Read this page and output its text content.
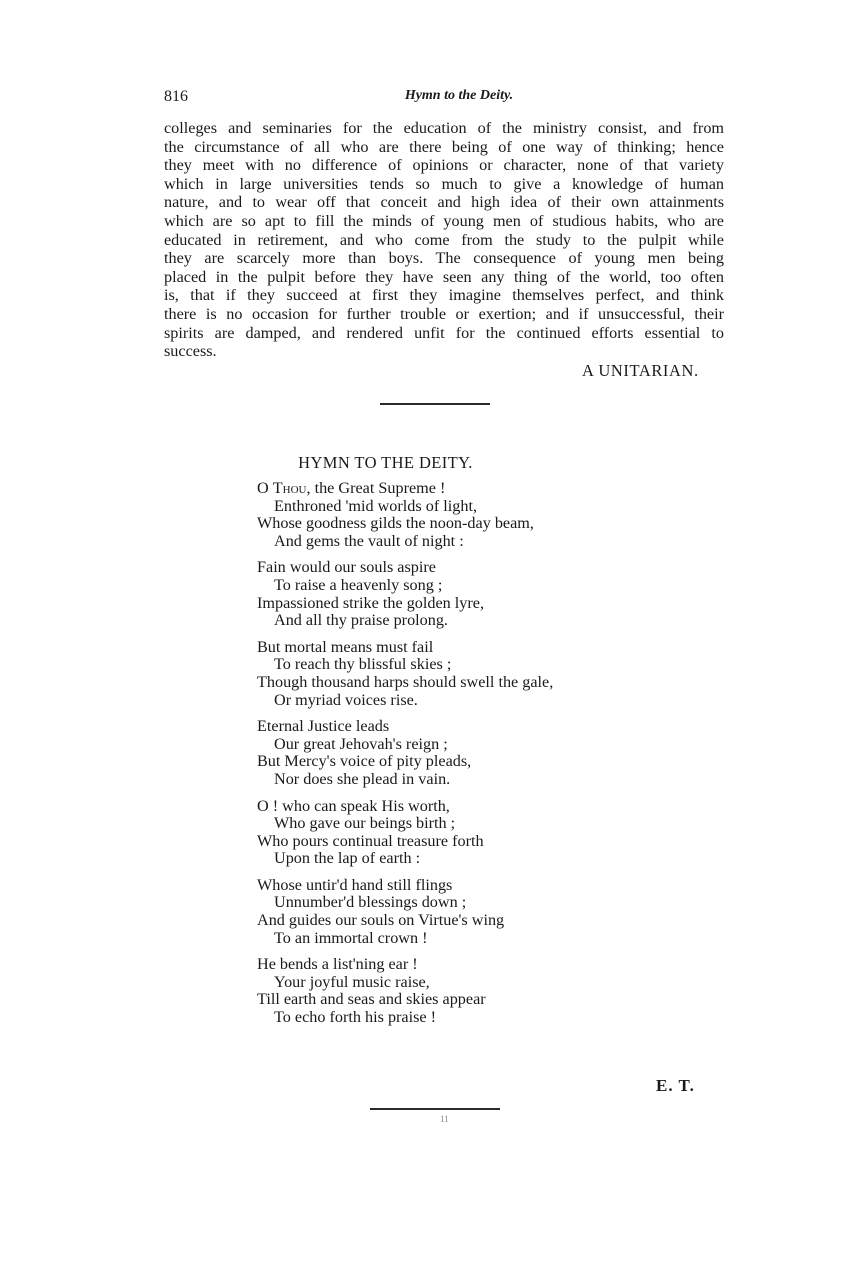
816	Hymn to the Deity.
colleges and seminaries for the education of the ministry consist, and from
the circumstance of all who are there being of one way of thinking; hence
they meet with no difference of opinions or character, none of that variety
which in large universities tends so much to give a knowledge of human
nature, and to wear off that conceit and high idea of their own attainments
which are so apt to fill the minds of young men of studious habits, who are
educated in retirement, and who come from the study to the pulpit while
they are scarcely more than boys. The consequence of young men being
placed in the pulpit before they have seen any thing of the world, too often
is, that if they succeed at first they imagine themselves perfect, and think
there is no occasion for further trouble or exertion; and if unsuccessful, their
spirits are damped, and rendered unfit for the continued efforts essential to
success.
A UNITARIAN.
HYMN TO THE DEITY.
O Thou, the Great Supreme !
Enthroned 'mid worlds of light,
Whose goodness gilds the noon-day beam,
And gems the vault of night :
Fain would our souls aspire
To raise a heavenly song ;
Impassioned strike the golden lyre,
And all thy praise prolong.
But mortal means must fail
To reach thy blissful skies ;
Though thousand harps should swell the gale,
Or myriad voices rise.
Eternal Justice leads
Our great Jehovah's reign ;
But Mercy's voice of pity pleads,
Nor does she plead in vain.
O ! who can speak His worth,
Who gave our beings birth ;
Who pours continual treasure forth
Upon the lap of earth :
Whose untir'd hand still flings
Unnumber'd blessings down ;
And guides our souls on Virtue's wing
To an immortal crown !
He bends a list'ning ear !
Your joyful music raise,
Till earth and seas and skies appear
To echo forth his praise !
E. T.
11
